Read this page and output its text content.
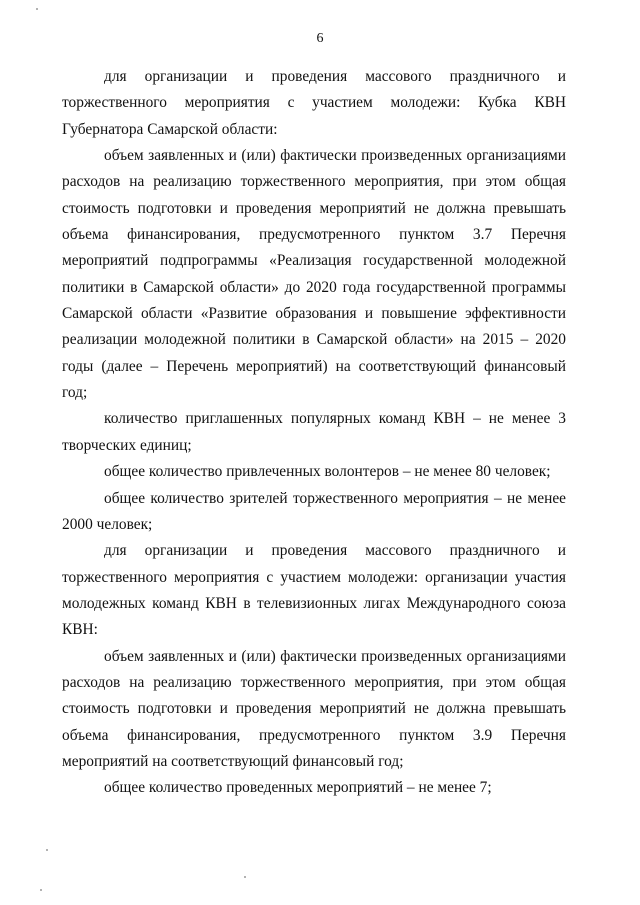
6

для организации и проведения массового праздничного и торжественного мероприятия с участием молодежи: Кубка КВН Губернатора Самарской области:

объем заявленных и (или) фактически произведенных организациями расходов на реализацию торжественного мероприятия, при этом общая стоимость подготовки и проведения мероприятий не должна превышать объема финансирования, предусмотренного пунктом 3.7 Перечня мероприятий подпрограммы «Реализация государственной молодежной политики в Самарской области» до 2020 года государственной программы Самарской области «Развитие образования и повышение эффективности реализации молодежной политики в Самарской области» на 2015 – 2020 годы (далее – Перечень мероприятий) на соответствующий финансовый год;

количество приглашенных популярных команд КВН – не менее 3 творческих единиц;

общее количество привлеченных волонтеров – не менее 80 человек;

общее количество зрителей торжественного мероприятия – не менее 2000 человек;

для организации и проведения массового праздничного и торжественного мероприятия с участием молодежи: организации участия молодежных команд КВН в телевизионных лигах Международного союза КВН:

объем заявленных и (или) фактически произведенных организациями расходов на реализацию торжественного мероприятия, при этом общая стоимость подготовки и проведения мероприятий не должна превышать объема финансирования, предусмотренного пунктом 3.9 Перечня мероприятий на соответствующий финансовый год;

общее количество проведенных мероприятий – не менее 7;
